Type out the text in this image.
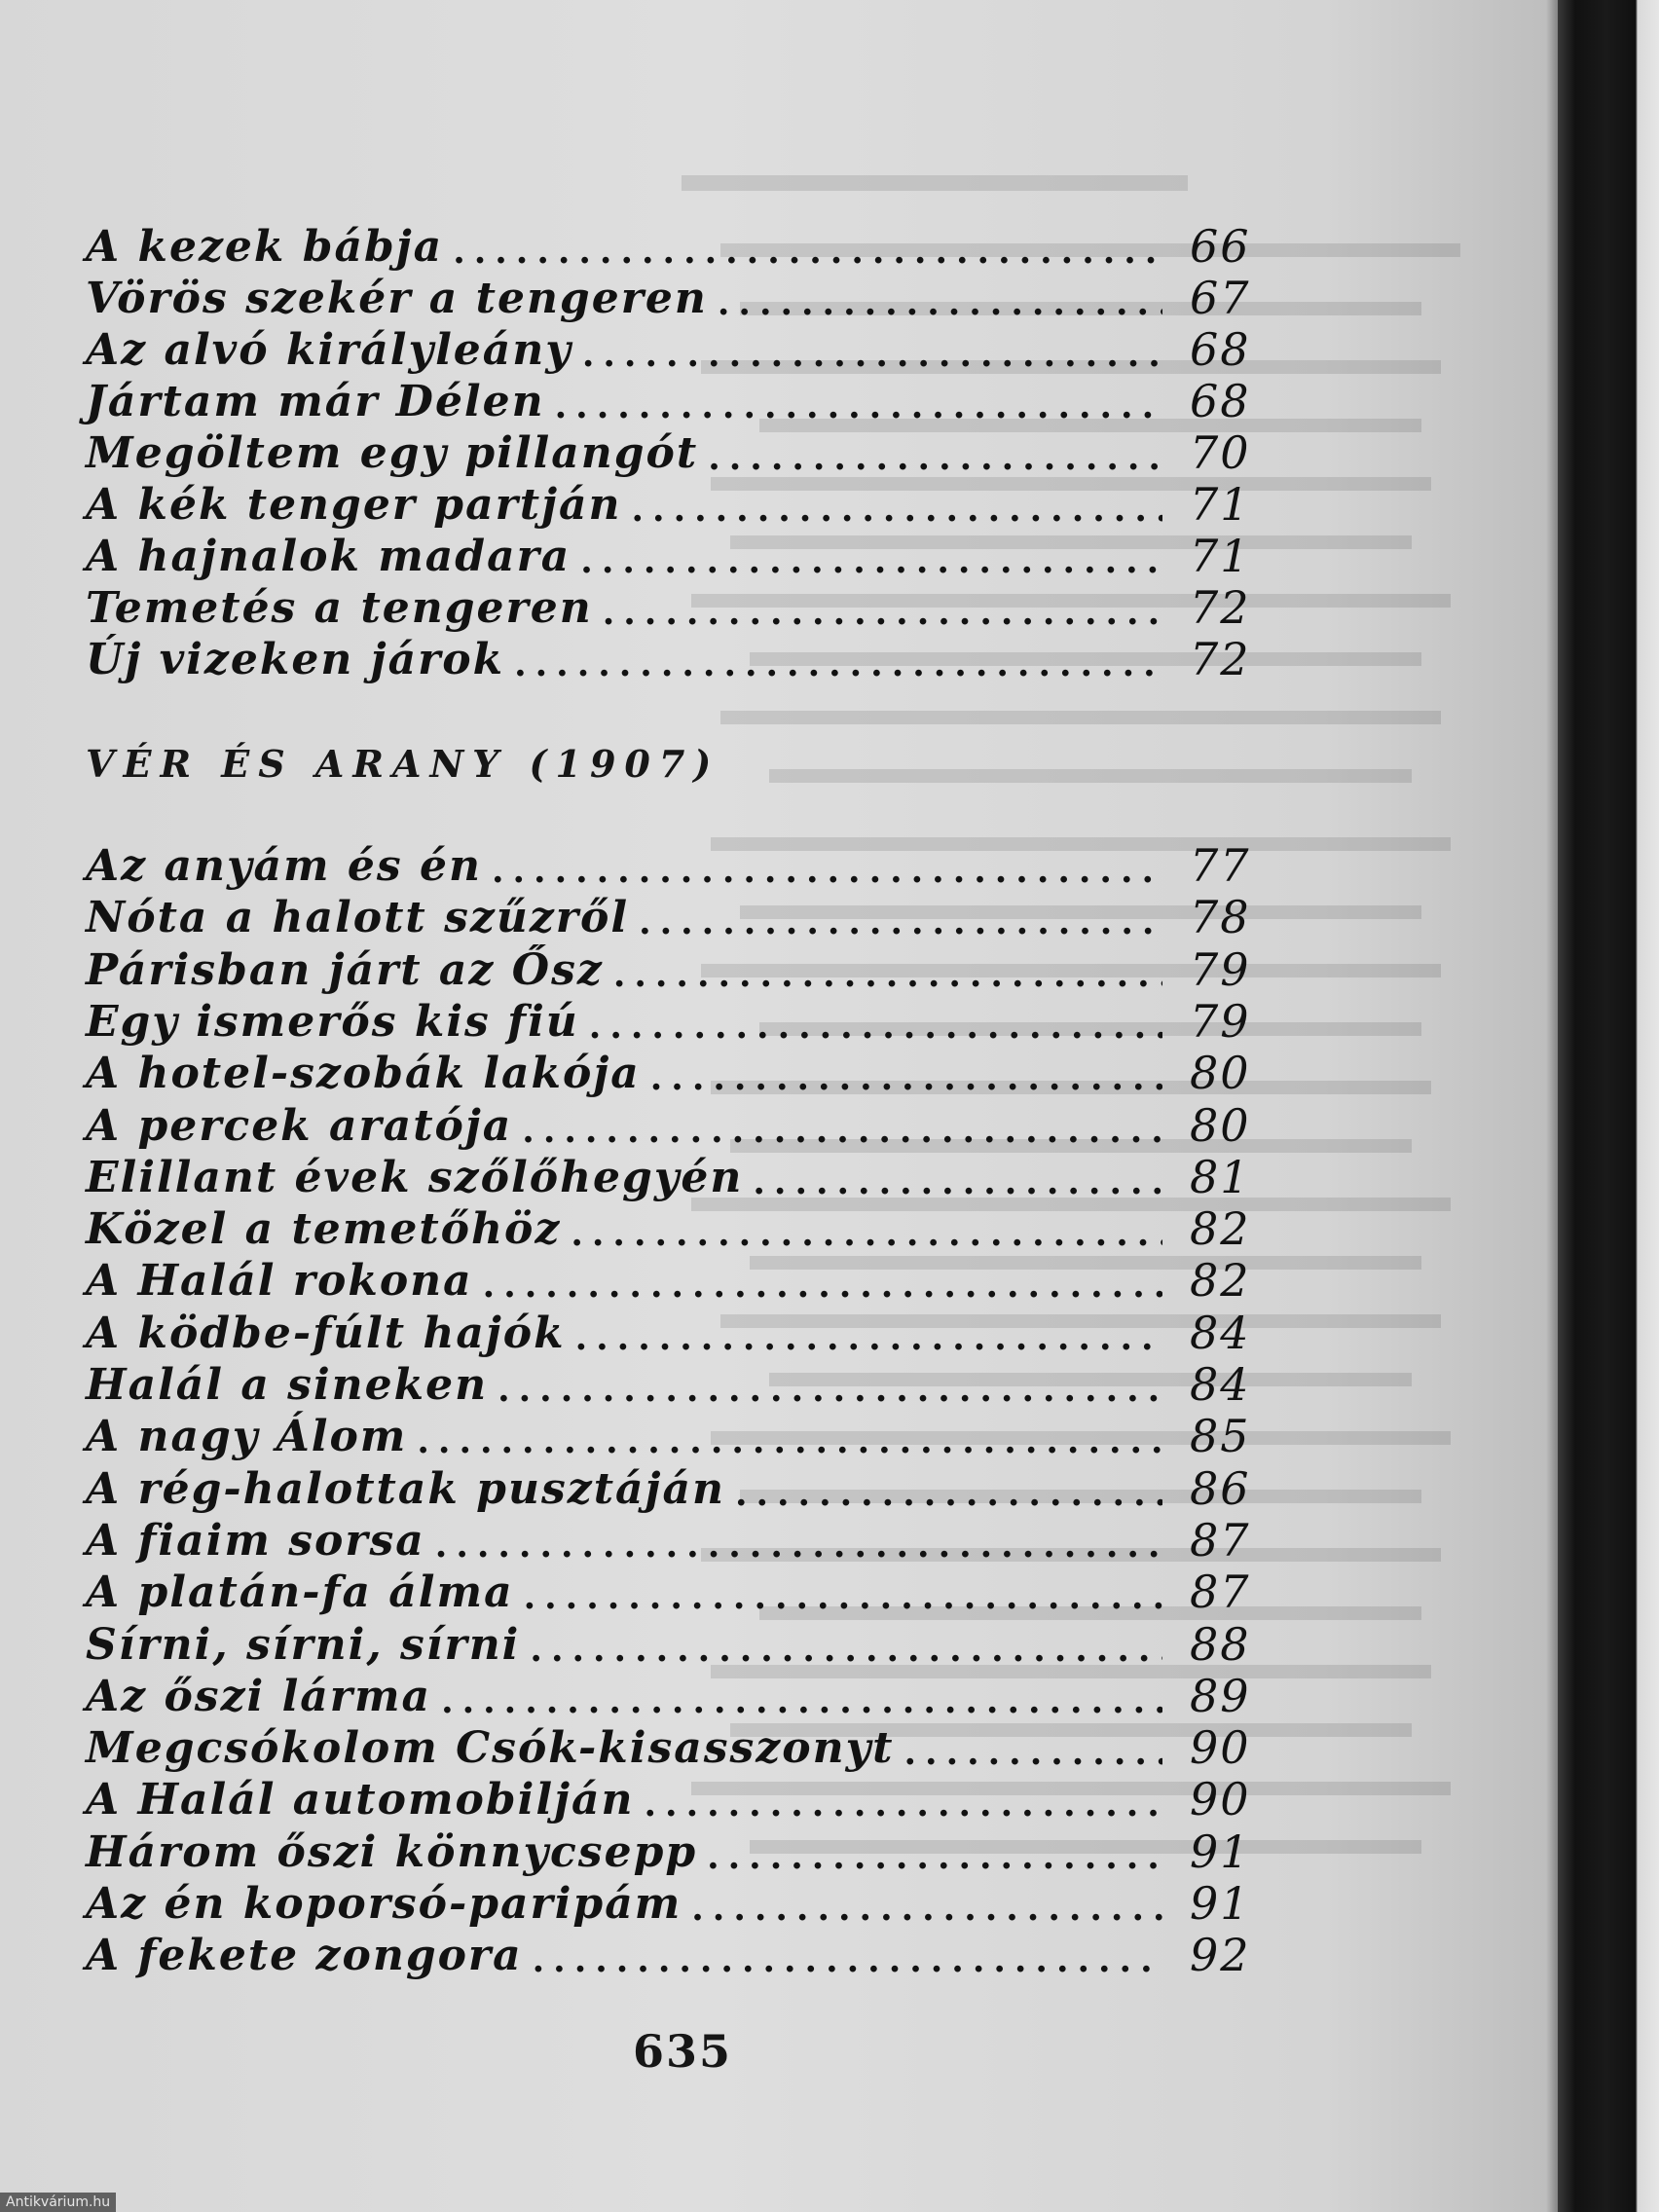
A kezek bábja .....	66
Vörös szekér a tengeren .....	67
Az alvó királyleány .....	68
Jártam már Délen .....	68
Megöltem egy pillangót .....	70
A kék tenger partján .....	71
A hajnalok madara .....	71
Temetés a tengeren .....	72
Új vizeken járok .....	72
VÉR ÉS ARANY (1907)
Az anyám és én .....	77
Nóta a halott szűzről .....	78
Párisban járt az Ősz .....	79
Egy ismerős kis fiú .....	79
A hotel-szobák lakója .....	80
A percek aratója .....	80
Elillant évek szőlőhegyén .....	81
Közel a temetőhöz .....	82
A Halál rokona .....	82
A ködbe-fúlt hajók .....	84
Halál a sineken .....	84
A nagy Álom .....	85
A rég-halottak pusztáján .....	86
A fiaim sorsa .....	87
A platán-fa álma .....	87
Sírni, sírni, sírni .....	88
Az őszi lárma .....	89
Megcsókolom Csók-kisasszonyt .....	90
A Halál automobilján .....	90
Három őszi könnycsepp .....	91
Az én koporsó-paripám .....	91
A fekete zongora .....	92
635
Antikvárium.hu
